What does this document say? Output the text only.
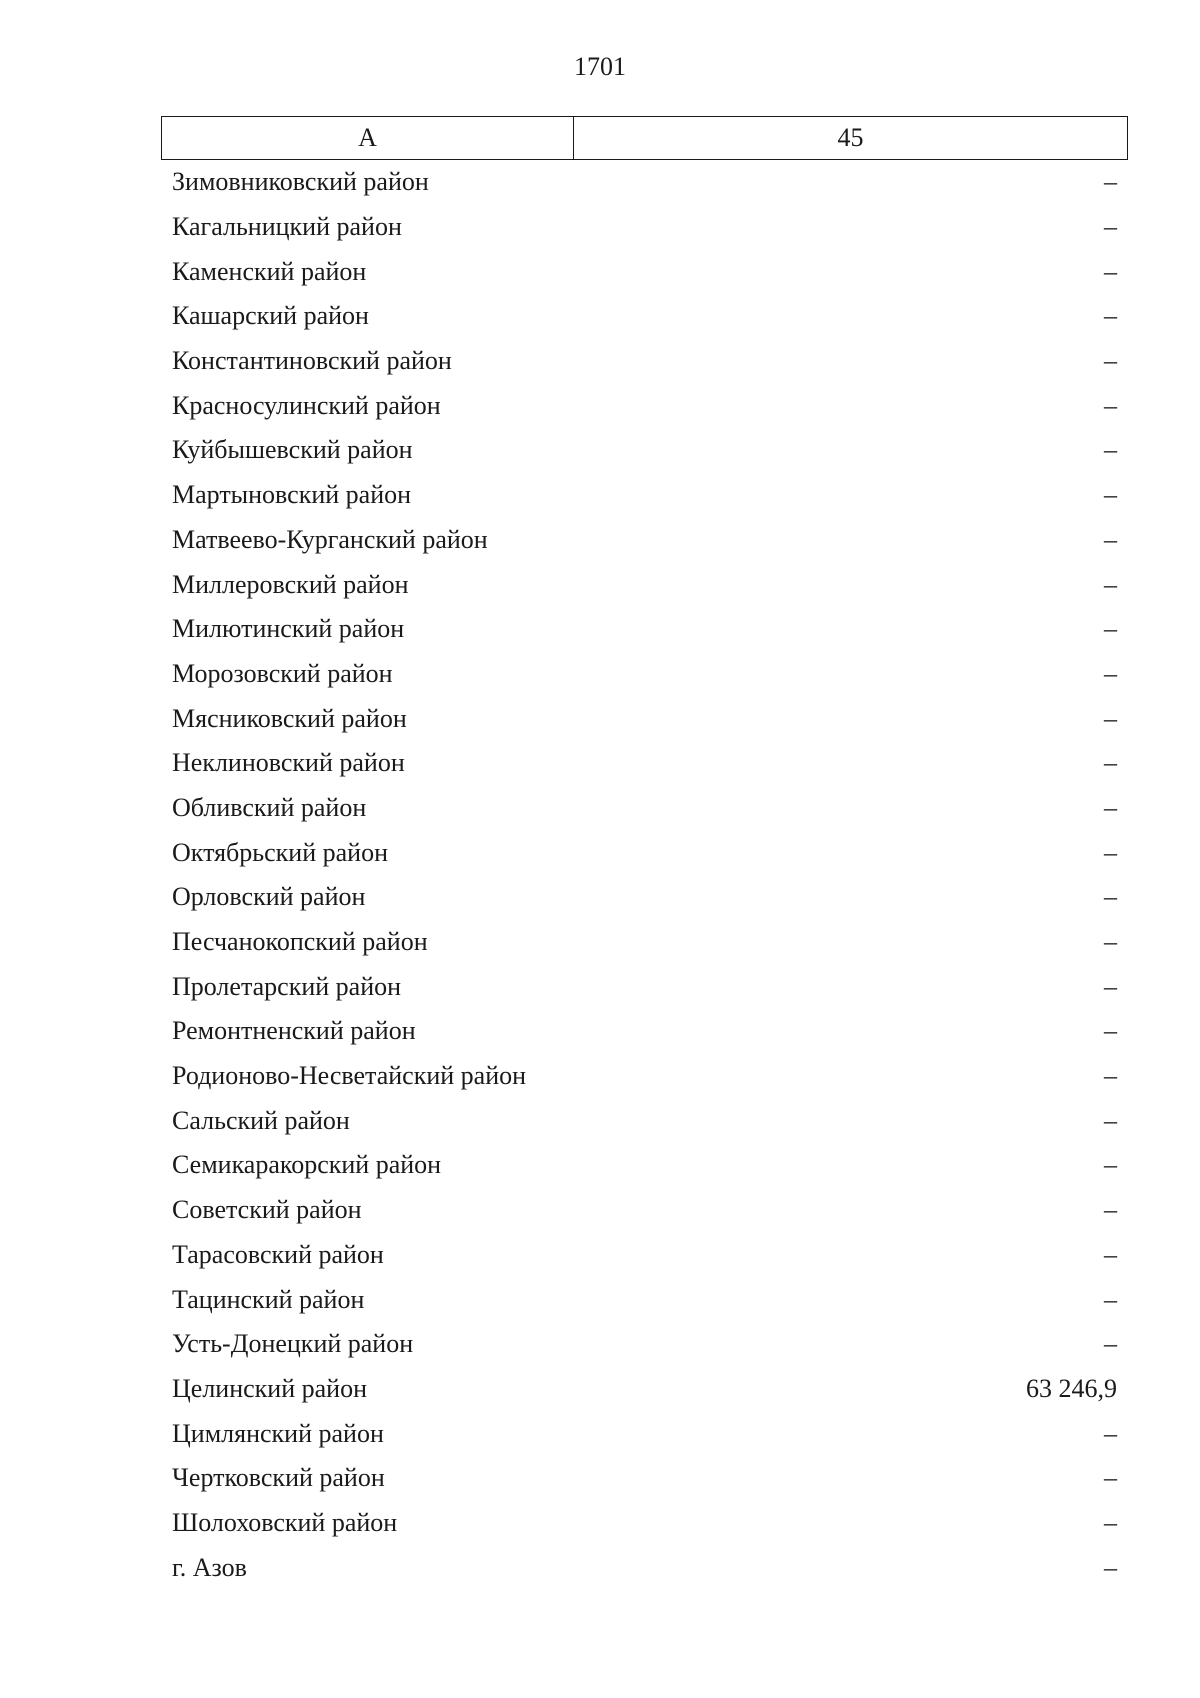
1701
А	45
Зимовниковский район	–
Кагальницкий район	–
Каменский район	–
Кашарский район	–
Константиновский район	–
Красносулинский район	–
Куйбышевский район	–
Мартыновский район	–
Матвеево-Курганский район	–
Миллеровский район	–
Милютинский район	–
Морозовский район	–
Мясниковский район	–
Неклиновский район	–
Обливский район	–
Октябрьский район	–
Орловский район	–
Песчанокопский район	–
Пролетарский район	–
Ремонтненский район	–
Родионово-Несветайский район	–
Сальский район	–
Семикаракорский район	–
Советский район	–
Тарасовский район	–
Тацинский район	–
Усть-Донецкий район	–
Целинский район	63 246,9
Цимлянский район	–
Чертковский район	–
Шолоховский район	–
г. Азов	–
